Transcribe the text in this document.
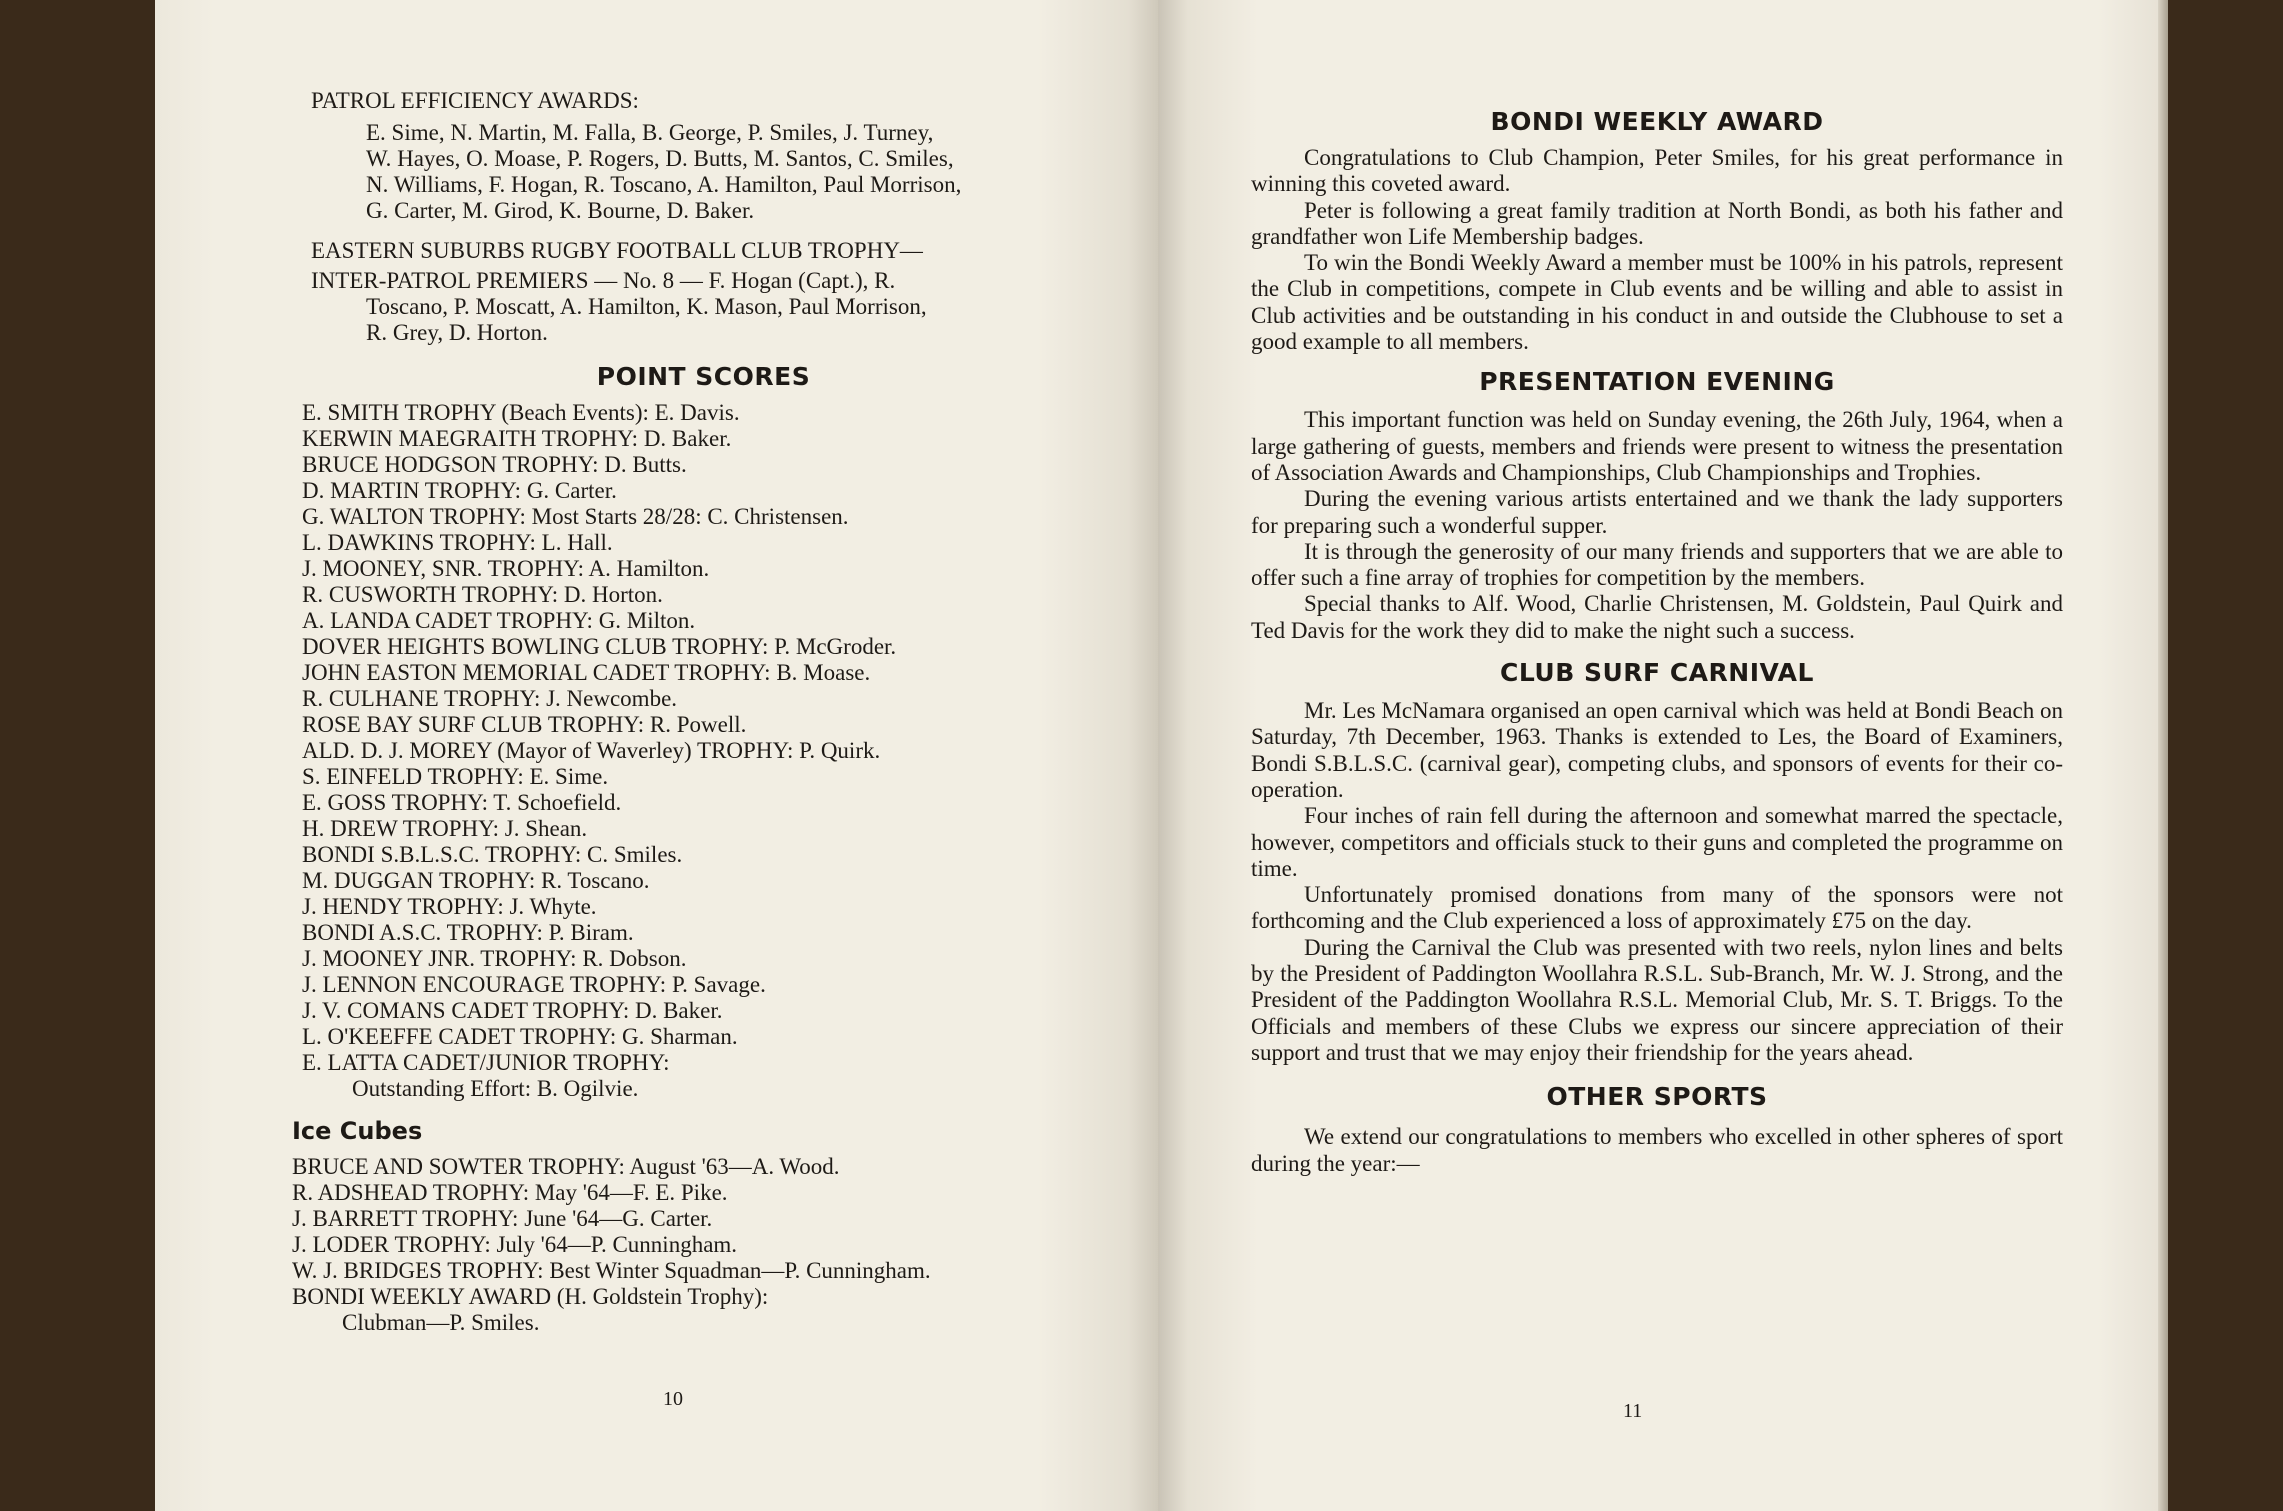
PATROL EFFICIENCY AWARDS:

E. Sime, N. Martin, M. Falla, B. George, P. Smiles, J. Turney,
W. Hayes, O. Moase, P. Rogers, D. Butts, M. Santos, C. Smiles,
N. Williams, F. Hogan, R. Toscano, A. Hamilton, Paul Morrison,
G. Carter, M. Girod, K. Bourne, D. Baker.

EASTERN SUBURBS RUGBY FOOTBALL CLUB TROPHY—

INTER-PATROL PREMIERS — No. 8 — F. Hogan (Capt.), R.

Toscano, P. Moscatt, A. Hamilton, K. Mason, Paul Morrison,
R. Grey, D. Horton.
POINT SCORES
E. SMITH TROPHY (Beach Events): E. Davis.
KERWIN MAEGRAITH TROPHY: D. Baker.
BRUCE HODGSON TROPHY: D. Butts.
D. MARTIN TROPHY: G. Carter.
G. WALTON TROPHY: Most Starts 28/28: C. Christensen.
L. DAWKINS TROPHY: L. Hall.
J. MOONEY, SNR. TROPHY: A. Hamilton.
R. CUSWORTH TROPHY: D. Horton.
A. LANDA CADET TROPHY: G. Milton.
DOVER HEIGHTS BOWLING CLUB TROPHY: P. McGroder.
JOHN EASTON MEMORIAL CADET TROPHY: B. Moase.
R. CULHANE TROPHY: J. Newcombe.
ROSE BAY SURF CLUB TROPHY: R. Powell.
ALD. D. J. MOREY (Mayor of Waverley) TROPHY: P. Quirk.
S. EINFELD TROPHY: E. Sime.
E. GOSS TROPHY: T. Schoefield.
H. DREW TROPHY: J. Shean.
BONDI S.B.L.S.C. TROPHY: C. Smiles.
M. DUGGAN TROPHY: R. Toscano.
J. HENDY TROPHY: J. Whyte.
BONDI A.S.C. TROPHY: P. Biram.
J. MOONEY JNR. TROPHY: R. Dobson.
J. LENNON ENCOURAGE TROPHY: P. Savage.
J. V. COMANS CADET TROPHY: D. Baker.
L. O'KEEFFE CADET TROPHY: G. Sharman.
E. LATTA CADET/JUNIOR TROPHY:
Outstanding Effort: B. Ogilvie.
Ice Cubes
BRUCE AND SOWTER TROPHY: August '63—A. Wood.
R. ADSHEAD TROPHY: May '64—F. E. Pike.
J. BARRETT TROPHY: June '64—G. Carter.
J. LODER TROPHY: July '64—P. Cunningham.
W. J. BRIDGES TROPHY: Best Winter Squadman—P. Cunningham.
BONDI WEEKLY AWARD (H. Goldstein Trophy):
Clubman—P. Smiles.
10
BONDI WEEKLY AWARD

Congratulations to Club Champion, Peter Smiles, for his great performance in winning this coveted award.

Peter is following a great family tradition at North Bondi, as both his father and grandfather won Life Membership badges.

To win the Bondi Weekly Award a member must be 100% in his patrols, represent the Club in competitions, compete in Club events and be willing and able to assist in Club activities and be outstanding in his conduct in and outside the Clubhouse to set a good example to all members.

PRESENTATION EVENING

This important function was held on Sunday evening, the 26th July, 1964, when a large gathering of guests, members and friends were present to witness the presentation of Association Awards and Championships, Club Championships and Trophies.

During the evening various artists entertained and we thank the lady supporters for preparing such a wonderful supper.

It is through the generosity of our many friends and supporters that we are able to offer such a fine array of trophies for competition by the members.

Special thanks to Alf. Wood, Charlie Christensen, M. Goldstein, Paul Quirk and Ted Davis for the work they did to make the night such a success.

CLUB SURF CARNIVAL

Mr. Les McNamara organised an open carnival which was held at Bondi Beach on Saturday, 7th December, 1963. Thanks is extended to Les, the Board of Examiners, Bondi S.B.L.S.C. (carnival gear), competing clubs, and sponsors of events for their co-operation.

Four inches of rain fell during the afternoon and somewhat marred the spectacle, however, competitors and officials stuck to their guns and completed the programme on time.

Unfortunately promised donations from many of the sponsors were not forthcoming and the Club experienced a loss of approximately £75 on the day.

During the Carnival the Club was presented with two reels, nylon lines and belts by the President of Paddington Woollahra R.S.L. Sub-Branch, Mr. W. J. Strong, and the President of the Paddington Woollahra R.S.L. Memorial Club, Mr. S. T. Briggs. To the Officials and members of these Clubs we express our sincere appreciation of their support and trust that we may enjoy their friendship for the years ahead.

OTHER SPORTS

We extend our congratulations to members who excelled in other spheres of sport during the year:—

11
